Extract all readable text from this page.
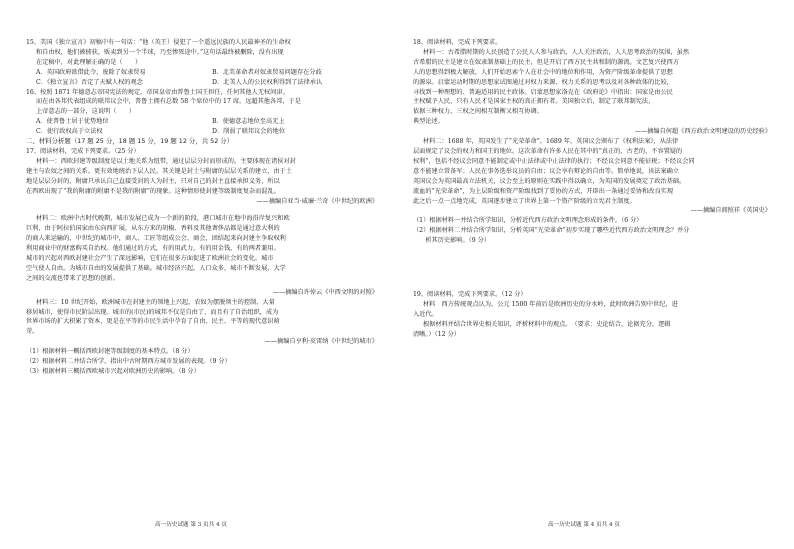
15、美国《独立宣言》初稿中有一句话：“他（英王）侵犯了一个遥远民族的人民最神圣的生命权

和自由权，他们被掳获，贩卖到另一个半球，乃至惨死途中。”这句话最终被删除，没有出现

在定稿中，对此理解正确的是（　　）

A．英国政府欲借此令，废除了奴隶贸易	B．北美革命者对奴隶贸易问题存在分歧
C．《独立宣言》否定了天赋人权的观念	D．北美人人的公民权利得到了法律承认

16、按照 1871 年德意志帝国宪法的规定，帝国皇帝由普鲁士国王担任，任何其他人无权问津。

而在由各邦代表组成的联邦议会中，普鲁士拥有总数 58 个席位中的 17 席，远超其他各邦，于是

上帝意志的一部分，这说明（　　）

A．使普鲁士居于优势地位	B．使德意志地位至高无上
C．使行政权高于立法权	D．削弱了联邦议会的地位

二、材料分析题（17 题 25 分，18 题 15 分，19 题 12 分，共 52 分）

17、阅读材料，完成下列要求。（25 分）

材料一：西欧封建等级制度是以土地关系为纽带，通过层层分封而形成的。主要体现在诸侯对封

建主与农奴之间的关系。更有效地统治下层人民。其关键是封土与附庸的层层关系的建立，由于土

地是层层分封的，附庸只承认自己直接受封的人为封主，只对自己的封主直接承担义务，所以

在西欧出现了“我的附庸的附庸不是我的附庸”的现象。这种情形使封建等级制度复杂而混乱。

——摘编自亚当·威廉·兰奇《中世纪的欧洲》

材料二：欧洲中古时代晚期，城市发展已成为一个新的阶段，港口城市在地中海沿岸复兴和欧

巨利，由于阿拉伯国家由东向西扩展，从东方来的胡椒、香料及其他奢侈品都是通过意大利的

的商人来运输的，中世纪的城市中，商人、工匠等组成公会、商会，团结起来向封建主争取权利

利用商业中的财富购买自治权。他们通过的方式，有的用武力，有的用金钱，有的两者兼用。

城市的兴起对西欧封建社会产生了深远影响，它们在很多方面促进了欧洲社会的变化。城市

空气使人自由。为城市自由的发展提供了基础。城市经济兴起，人口众多，城市不断发展，大学

之间的交流也带来了思想的创新。

——摘编自许倬云《中西文明的对照》

材料三：10 世纪开始，欧洲城市在封建主的领地上兴起，农奴为摆脱领主的控制，大量

移居城市，使得市民阶层出现。城市的(市民)的城邦不仅是自由了，而且有了自治组织，成为

世界市场的扩大积累了资本，更是在平等的市民生活中孕育了自由、民主、平等的现代意识萌

芽。

——摘编自亨利·皮雷纳《中世纪的城市》

（1）根据材料一概括西欧封建等级制度的基本特点。（8 分）

（2）根据材料二并结合所学，指出中古时期西方城市发展的表现。（9 分）

（3）根据材料三概括西欧城市兴起对欧洲历史的影响。（8 分）

18、阅读材料，完成下列要求。

材料一：古希腊时期的人民创造了公民人人参与政治，人人关注政治，人人思考政治的氛围，虽然

古希腊的民主是建立在奴隶制基础上的民主，但是开启了西方民主共和制的源流。文艺复兴使西方

人的思想得到极大解放，人们开始思索个人在社会中的地位和作用，为资产阶级革命提供了思想

的源泉。启蒙运动时期的思想家试图通过对权力来源、权力关系的思考以及对各种政体的比较，

寻找到一种理想的、普遍适用的民主政体。启蒙思想家洛克在《政府论》中指出：国家是由公民

主权赋予人民，只有人民才是国家主权的真正拥有者。美国独立后，制定了联邦制宪法，

依据三种权力，三权之间相互制衡又相互协调。

典型论述。

——摘编自何超《西方政治文明建设的历史经验》

材料二：1688 年，英国发生了“光荣革命”。1689 年，英国议会颁布了《权利法案》，从法律

层面规定了议会的权力和国王的地位。这次革命有许多人民在其中的“真正的、古老的、不容置疑的

权利”，包括不经议会同意不能制定或中止法律或中止法律的执行；不经议会同意不能征税；不经议会同

意不能建立常备军；人民在事务选举议员的自由；议会享有辩论的自由等。简单地说，该法案确立

英国议会为英国最高立法机关，议会至上的原则在实践中得以确立，为英国的发展奠定了政治基础。

流血的“光荣革命”，为上层阶级和资产阶级找到了妥协的方式，开辟出一条通过妥协和改良实现

此之后一点一点地完成，英国逐步建立了世界上第一个资产阶级的立宪君主制度。

——摘编自阎照祥《英国史》

（1）根据材料一并结合所学知识，分析近代西方政治文明理念形成的条件。（6 分）

（2）根据材料二并结合所学知识，分析英国“光荣革命”初步实现了哪些近代西方政治文明理念？并分

　　析其历史影响。（9 分）

19、阅读材料，完成下列要求。（12 分）

材料　西方传统观点认为，公元 1500 年前后是欧洲历史的分水岭，此时欧洲告别中世纪，进

入近代。

根据材料并结合世界史相关知识，评析材料中的观点。　（要求：史论结合，论据充分，逻辑

清晰。）（12 分）

高一历史试题 第 3 页共 4 页	高一历史试题 第 4 页共 4 页
